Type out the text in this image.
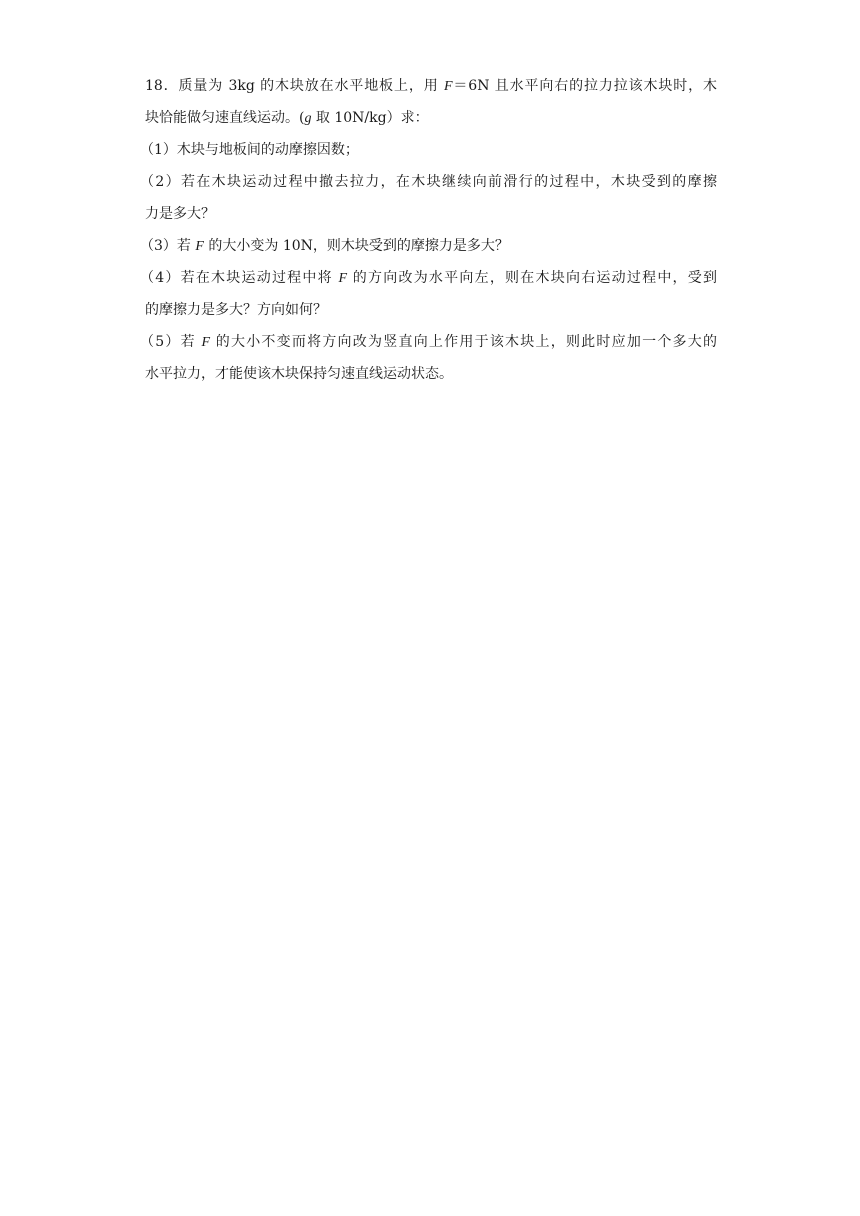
18．质量为 3kg 的木块放在水平地板上，用 F＝6N 且水平向右的拉力拉该木块时，木
块恰能做匀速直线运动。(g 取 10N/kg）求：
（1）木块与地板间的动摩擦因数；
（2）若在木块运动过程中撤去拉力，在木块继续向前滑行的过程中，木块受到的摩擦
力是多大？
（3）若 F 的大小变为 10N，则木块受到的摩擦力是多大？
（4）若在木块运动过程中将 F 的方向改为水平向左，则在木块向右运动过程中，受到
的摩擦力是多大？方向如何？
（5）若 F 的大小不变而将方向改为竖直向上作用于该木块上，则此时应加一个多大的
水平拉力，才能使该木块保持匀速直线运动状态。
